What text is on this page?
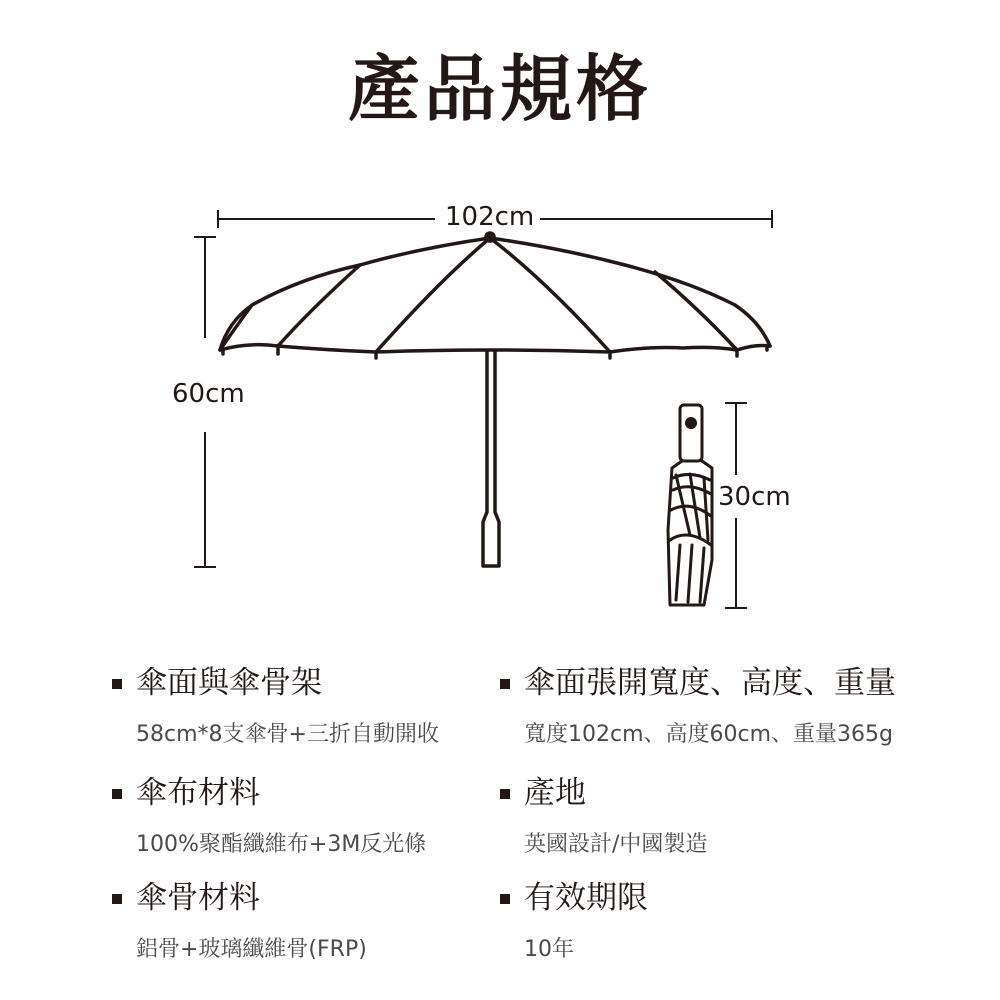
產品規格
102cm
60cm
30cm
傘面與傘骨架
58cm*8支傘骨+三折自動開收
傘面張開寬度、高度、重量
寬度102cm、高度60cm、重量365g
傘布材料
100%聚酯纖維布+3M反光條
產地
英國設計/中國製造
傘骨材料
鋁骨+玻璃纖維骨(FRP)
有效期限
10年
